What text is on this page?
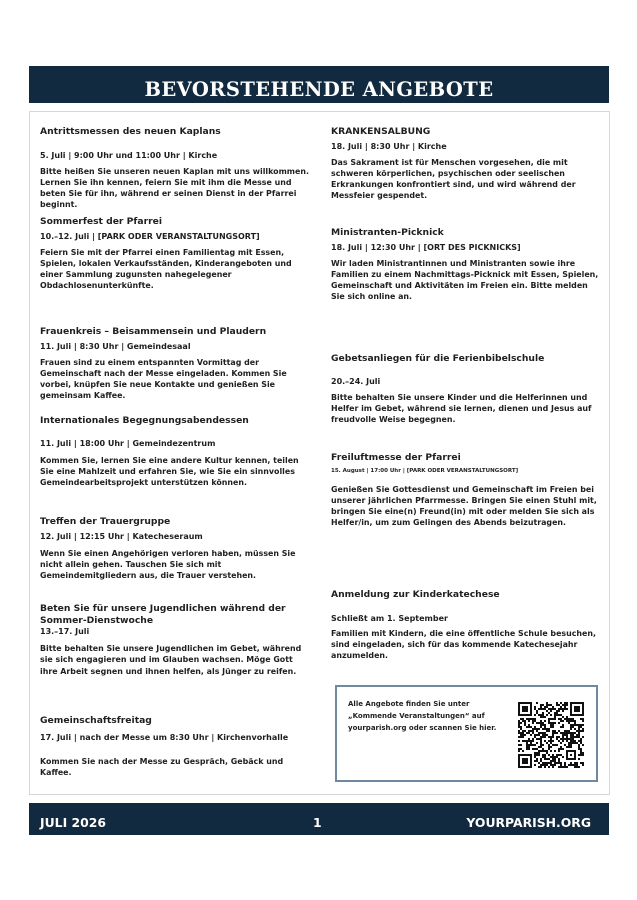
BEVORSTEHENDE ANGEBOTE

Antrittsmessen des neuen Kaplans

5. Juli | 9:00 Uhr und 11:00 Uhr | Kirche

Bitte heißen Sie unseren neuen Kaplan mit uns willkommen. Lernen Sie ihn kennen, feiern Sie mit ihm die Messe und beten Sie für ihn, während er seinen Dienst in der Pfarrei beginnt.

Sommerfest der Pfarrei

10.–12. Juli | [PARK ODER VERANSTALTUNGSORT]

Feiern Sie mit der Pfarrei einen Familientag mit Essen, Spielen, lokalen Verkaufsständen, Kinderangeboten und einer Sammlung zugunsten nahegelegener Obdachlosenunterkünfte.

Frauenkreis – Beisammensein und Plaudern

11. Juli | 8:30 Uhr | Gemeindesaal

Frauen sind zu einem entspannten Vormittag der Gemeinschaft nach der Messe eingeladen. Kommen Sie vorbei, knüpfen Sie neue Kontakte und genießen Sie gemeinsam Kaffee.

Internationales Begegnungsabendessen

11. Juli | 18:00 Uhr | Gemeindezentrum

Kommen Sie, lernen Sie eine andere Kultur kennen, teilen Sie eine Mahlzeit und erfahren Sie, wie Sie ein sinnvolles Gemeindearbeitsprojekt unterstützen können.

Treffen der Trauergruppe

12. Juli | 12:15 Uhr | Katecheseraum

Wenn Sie einen Angehörigen verloren haben, müssen Sie nicht allein gehen. Tauschen Sie sich mit Gemeindemitgliedern aus, die Trauer verstehen.

Beten Sie für unsere Jugendlichen während der Sommer-Dienstwoche

13.–17. Juli

Bitte behalten Sie unsere Jugendlichen im Gebet, während sie sich engagieren und im Glauben wachsen. Möge Gott ihre Arbeit segnen und ihnen helfen, als Jünger zu reifen.

Gemeinschaftsfreitag

17. Juli | nach der Messe um 8:30 Uhr | Kirchenvorhalle

Kommen Sie nach der Messe zu Gespräch, Gebäck und Kaffee.

KRANKENSALBUNG

18. Juli | 8:30 Uhr | Kirche

Das Sakrament ist für Menschen vorgesehen, die mit schweren körperlichen, psychischen oder seelischen Erkrankungen konfrontiert sind, und wird während der Messfeier gespendet.

Ministranten-Picknick

18. Juli | 12:30 Uhr | [ORT DES PICKNICKS]

Wir laden Ministrantinnen und Ministranten sowie ihre Familien zu einem Nachmittags-Picknick mit Essen, Spielen, Gemeinschaft und Aktivitäten im Freien ein. Bitte melden Sie sich online an.

Gebetsanliegen für die Ferienbibelschule

20.–24. Juli

Bitte behalten Sie unsere Kinder und die Helferinnen und Helfer im Gebet, während sie lernen, dienen und Jesus auf freudvolle Weise begegnen.

Freiluftmesse der Pfarrei

15. August | 17:00 Uhr | [PARK ODER VERANSTALTUNGSORT]

Genießen Sie Gottesdienst und Gemeinschaft im Freien bei unserer jährlichen Pfarrmesse. Bringen Sie einen Stuhl mit, bringen Sie eine(n) Freund(in) mit oder melden Sie sich als Helfer/in, um zum Gelingen des Abends beizutragen.

Anmeldung zur Kinderkatechese

Schließt am 1. September

Familien mit Kindern, die eine öffentliche Schule besuchen, sind eingeladen, sich für das kommende Katechesejahr anzumelden.

Alle Angebote finden Sie unter „Kommende Veranstaltungen“ auf yourparish.org oder scannen Sie hier.
JULI 2026	1	YOURPARISH.ORG
